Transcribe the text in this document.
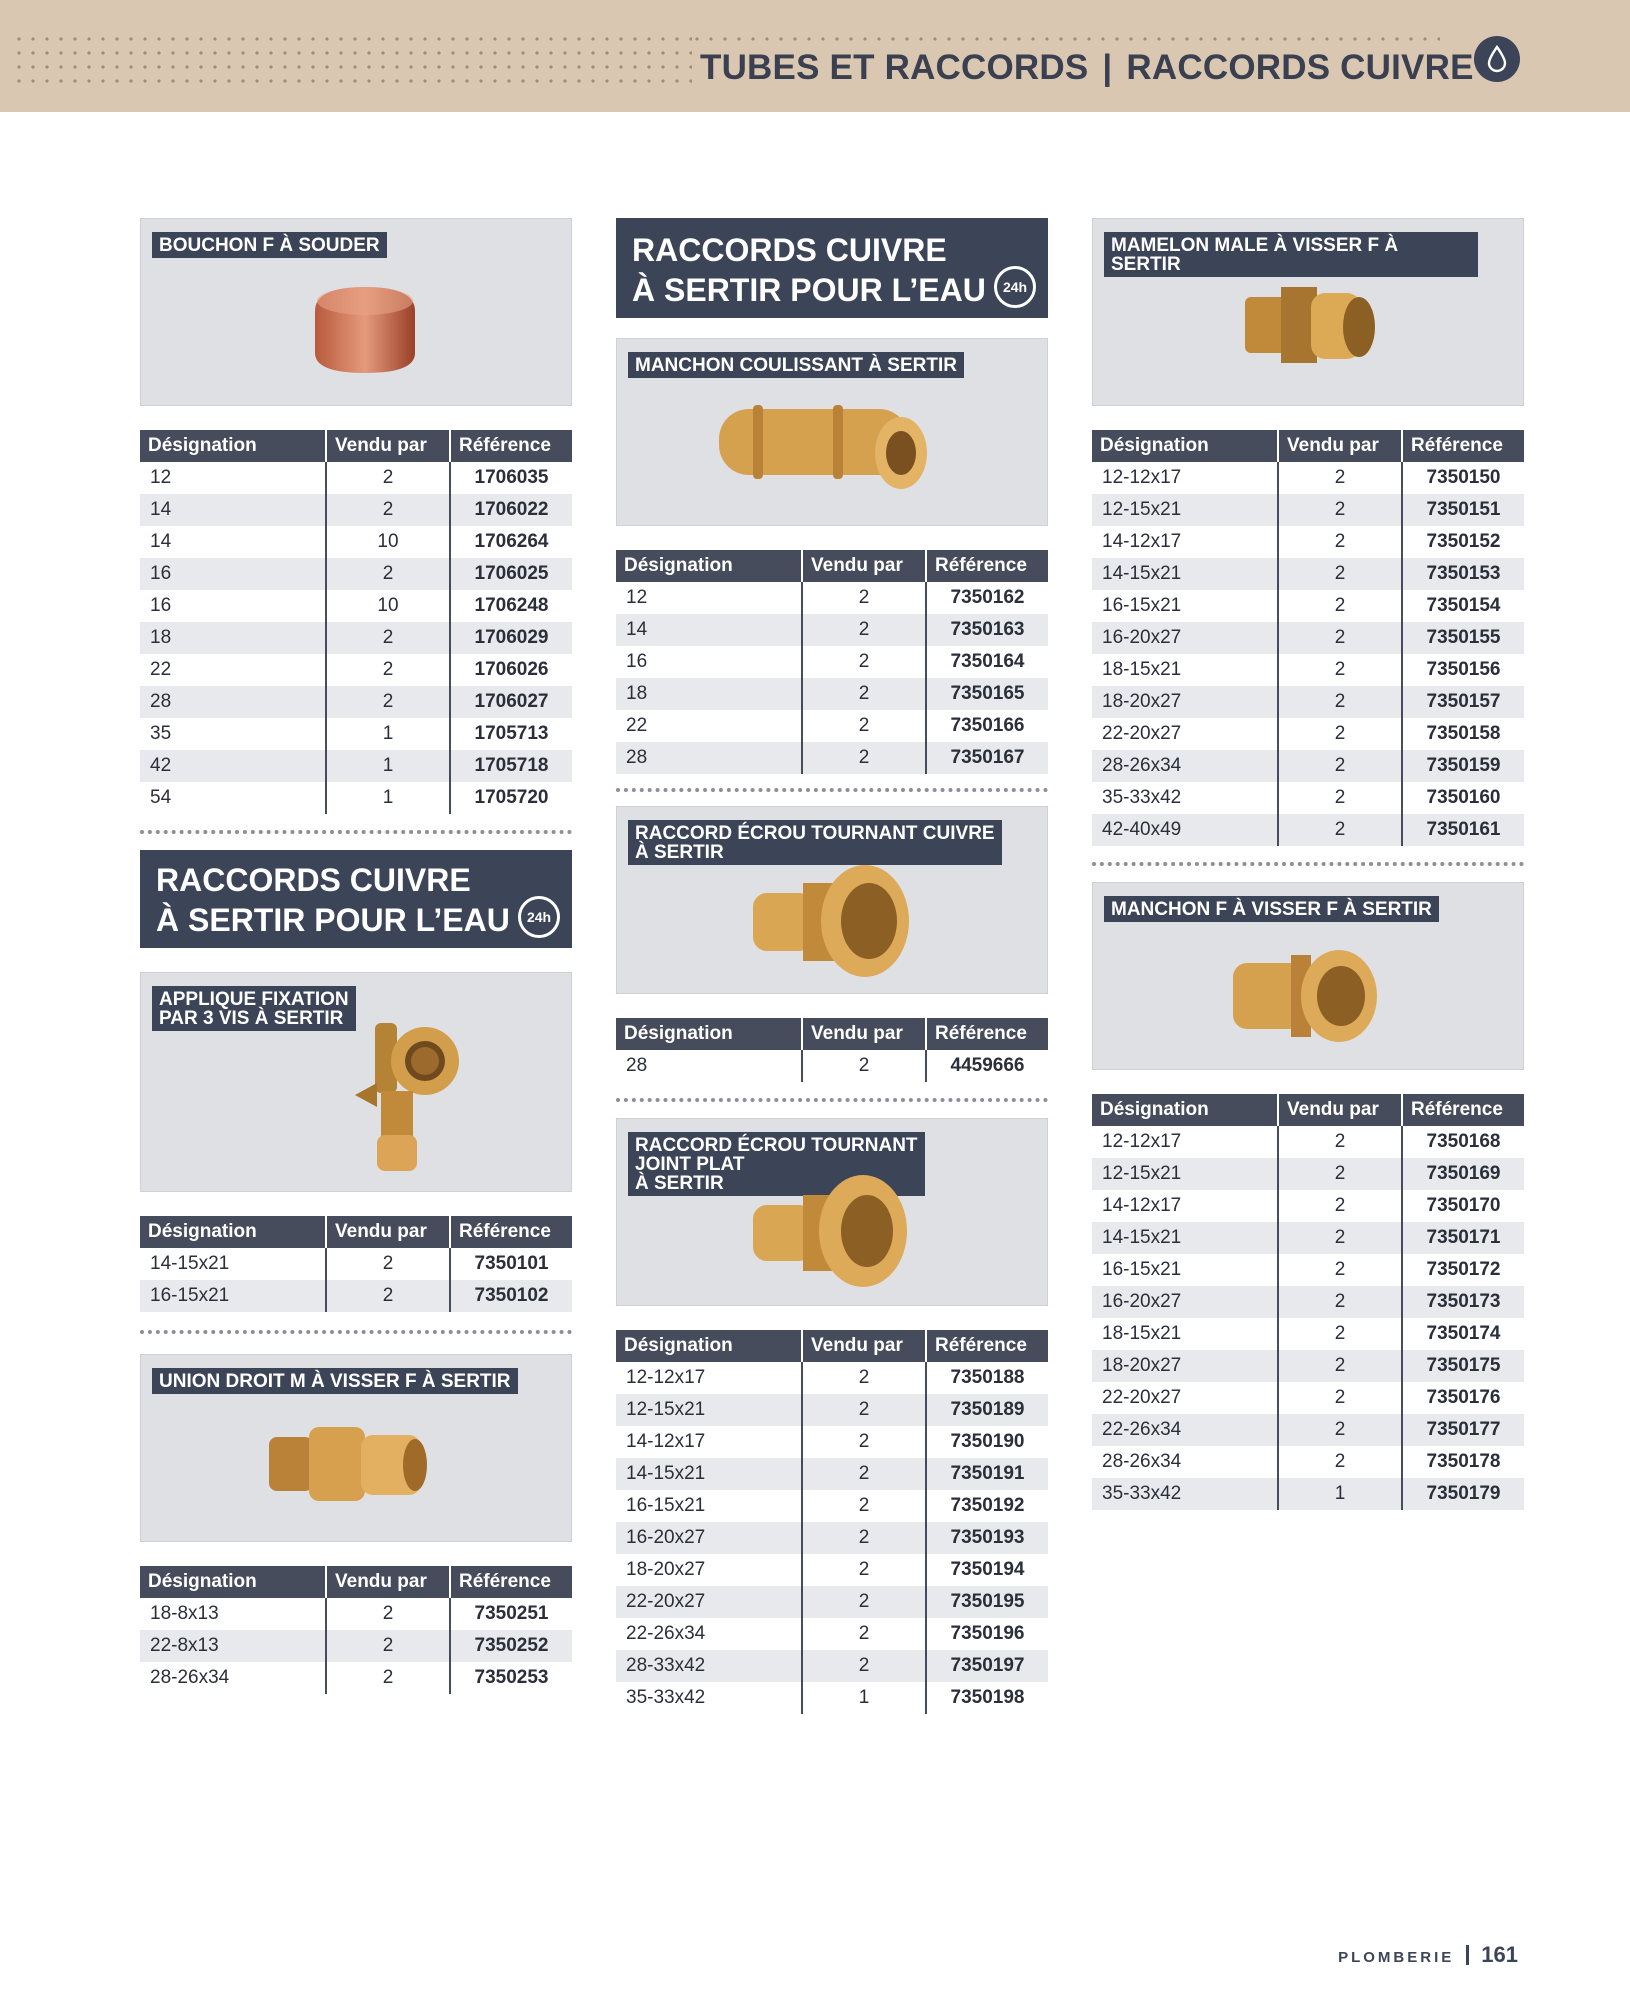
TUBES ET RACCORDS | RACCORDS CUIVRE
BOUCHON F À SOUDER
Désignation	Vendu par	Référence
12	2	1706035
14	2	1706022
14	10	1706264
16	2	1706025
16	10	1706248
18	2	1706029
22	2	1706026
28	2	1706027
35	1	1705713
42	1	1705718
54	1	1705720
RACCORDS CUIVRE
À SERTIR POUR L’EAU	24h
APPLIQUE FIXATION
PAR 3 VIS À SERTIR
Désignation	Vendu par	Référence
14-15x21	2	7350101
16-15x21	2	7350102
UNION DROIT M À VISSER F À SERTIR
Désignation	Vendu par	Référence
18-8x13	2	7350251
22-8x13	2	7350252
28-26x34	2	7350253
RACCORDS CUIVRE
À SERTIR POUR L’EAU	24h
MANCHON COULISSANT À SERTIR
Désignation	Vendu par	Référence
12	2	7350162
14	2	7350163
16	2	7350164
18	2	7350165
22	2	7350166
28	2	7350167
RACCORD ÉCROU TOURNANT CUIVRE
À SERTIR
Désignation	Vendu par	Référence
28	2	4459666
RACCORD ÉCROU TOURNANT
JOINT PLAT
À SERTIR
Désignation	Vendu par	Référence
12-12x17	2	7350188
12-15x21	2	7350189
14-12x17	2	7350190
14-15x21	2	7350191
16-15x21	2	7350192
16-20x27	2	7350193
18-20x27	2	7350194
22-20x27	2	7350195
22-26x34	2	7350196
28-33x42	2	7350197
35-33x42	1	7350198
MAMELON MALE À VISSER F À SERTIR
Désignation	Vendu par	Référence
12-12x17	2	7350150
12-15x21	2	7350151
14-12x17	2	7350152
14-15x21	2	7350153
16-15x21	2	7350154
16-20x27	2	7350155
18-15x21	2	7350156
18-20x27	2	7350157
22-20x27	2	7350158
28-26x34	2	7350159
35-33x42	2	7350160
42-40x49	2	7350161
MANCHON F À VISSER F À SERTIR
Désignation	Vendu par	Référence
12-12x17	2	7350168
12-15x21	2	7350169
14-12x17	2	7350170
14-15x21	2	7350171
16-15x21	2	7350172
16-20x27	2	7350173
18-15x21	2	7350174
18-20x27	2	7350175
22-20x27	2	7350176
22-26x34	2	7350177
28-26x34	2	7350178
35-33x42	1	7350179
PLOMBERIE 161
